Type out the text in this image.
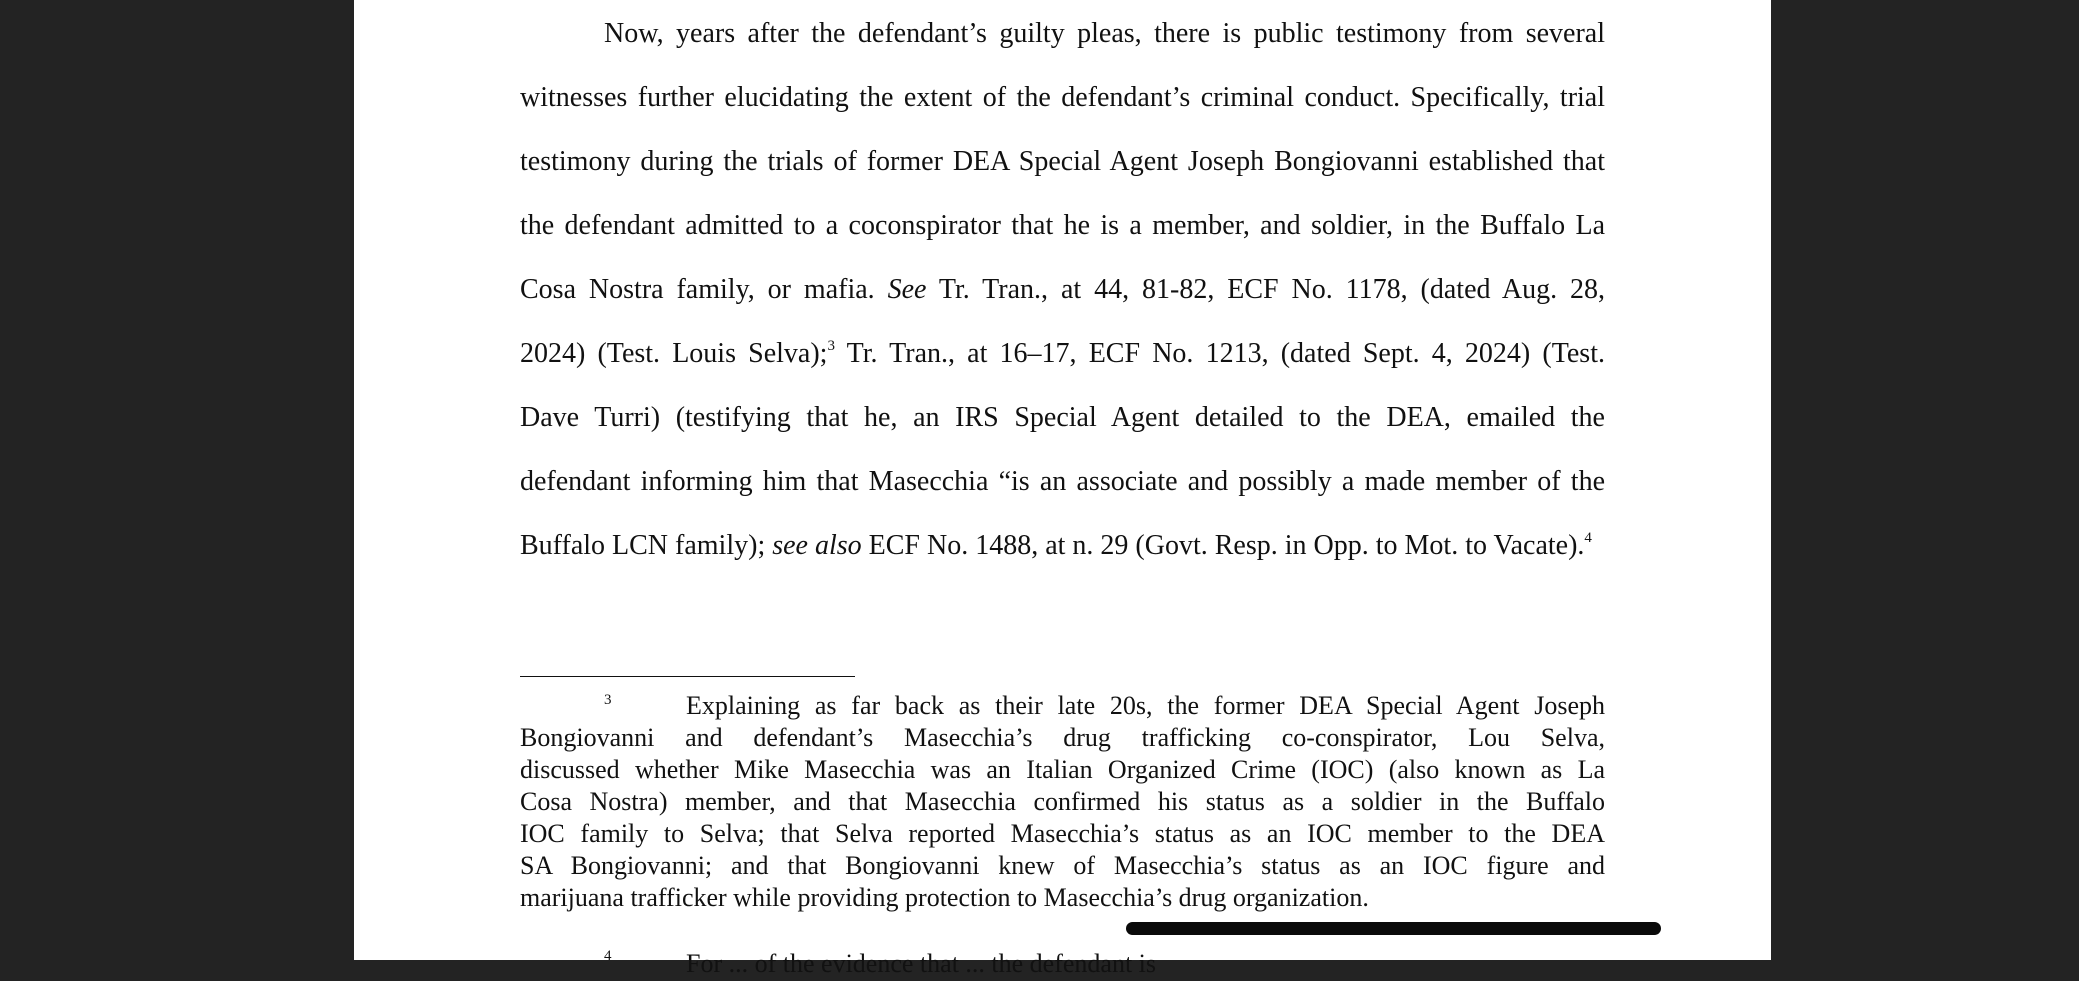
Now, years after the defendant’s guilty pleas, there is public testimony from several
witnesses further elucidating the extent of the defendant’s criminal conduct. Specifically, trial
testimony during the trials of former DEA Special Agent Joseph Bongiovanni established that
the defendant admitted to a coconspirator that he is a member, and soldier, in the Buffalo La
Cosa Nostra family, or mafia. See Tr. Tran., at 44, 81-82, ECF No. 1178, (dated Aug. 28,
2024) (Test. Louis Selva);$^3$ Tr. Tran., at 16–17, ECF No. 1213, (dated Sept. 4, 2024) (Test.
Dave Turri) (testifying that he, an IRS Special Agent detailed to the DEA, emailed the
defendant informing him that Masecchia “is an associate and possibly a made member of the
Buffalo LCN family); see also ECF No. 1488, at n. 29 (Govt. Resp. in Opp. to Mot. to Vacate).$^4$
3	Explaining as far back as their late 20s, the former DEA Special Agent Joseph
Bongiovanni and defendant’s Masecchia’s drug trafficking co-conspirator, Lou Selva,
discussed whether Mike Masecchia was an Italian Organized Crime (IOC) (also known as La
Cosa Nostra) member, and that Masecchia confirmed his status as a soldier in the Buffalo
IOC family to Selva; that Selva reported Masecchia’s status as an IOC member to the DEA
SA Bongiovanni; and that Bongiovanni knew of Masecchia’s status as an IOC figure and
marijuana trafficker while providing protection to Masecchia’s drug organization.
4	For ... of the evidence that ... the defendant is
